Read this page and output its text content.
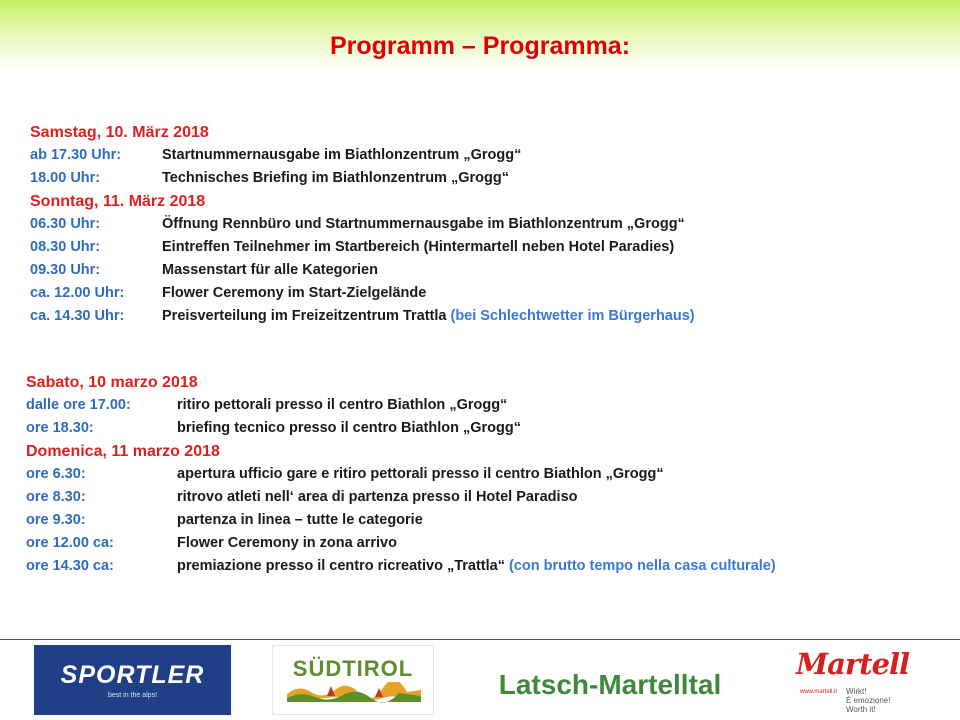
Programm – Programma:
Samstag, 10. März 2018
ab 17.30 Uhr:	Startnummernausgabe im Biathlonzentrum „Grogg“
18.00 Uhr:	Technisches Briefing im Biathlonzentrum „Grogg“
Sonntag, 11. März 2018
06.30 Uhr:	Öffnung Rennbüro und Startnummernausgabe im Biathlonzentrum „Grogg“
08.30 Uhr:	Eintreffen Teilnehmer im Startbereich (Hintermartell neben Hotel Paradies)
09.30 Uhr:	Massenstart für alle Kategorien
ca. 12.00 Uhr:	Flower Ceremony im Start-Zielgelände
ca. 14.30 Uhr:	Preisverteilung im Freizeitzentrum Trattla (bei Schlechtwetter im Bürgerhaus)
Sabato, 10 marzo 2018
dalle ore 17.00:	ritiro pettorali presso il centro Biathlon „Grogg“
ore 18.30:	briefing tecnico presso il centro Biathlon „Grogg“
Domenica, 11 marzo 2018
ore 6.30:	apertura ufficio gare e ritiro pettorali presso il centro Biathlon „Grogg“
ore 8.30:	ritrovo atleti nell‘ area di partenza presso il Hotel Paradiso
ore 9.30:	partenza in linea – tutte le categorie
ore 12.00 ca:	Flower Ceremony in zona arrivo
ore 14.30 ca:	premiazione presso il centro ricreativo „Trattla“ (con brutto tempo nella casa culturale)
SPORTLER
best in the alps!
SÜDTIROL
Latsch-Martelltal
Martell
www.martell.it Wirkt!
È emozione!
Worth it!
